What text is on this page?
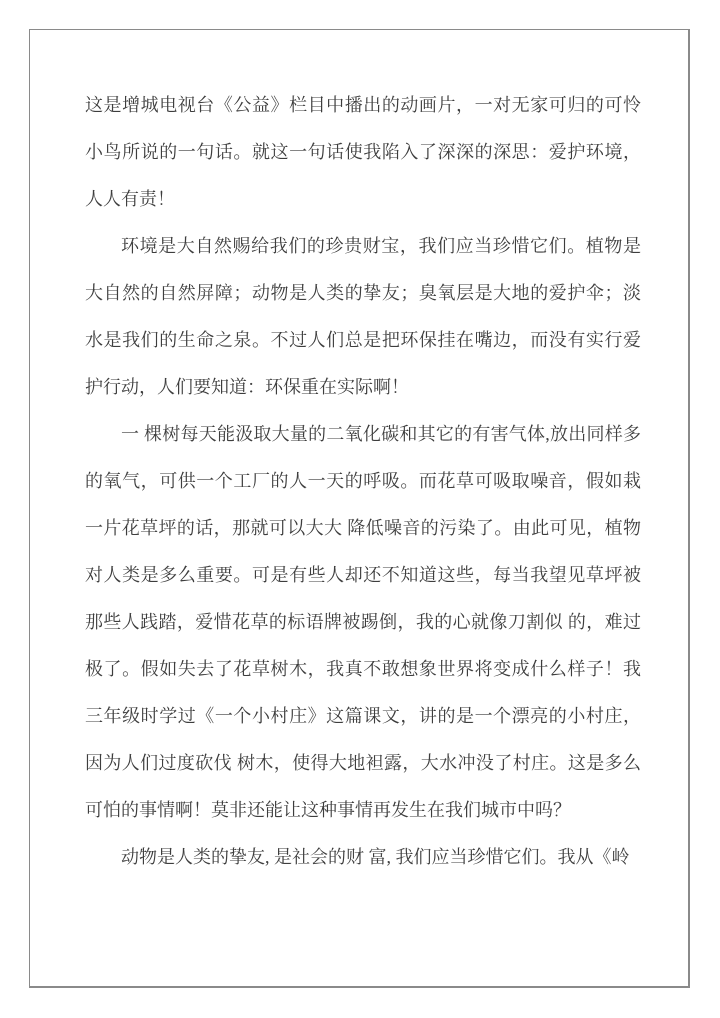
这是增城电视台《公益》栏目中播出的动画片，一对无家可归的可怜小鸟所说的一句话。就这一句话使我陷入了深深的深思：爱护环境，人人有责！

环境是大自然赐给我们的珍贵财宝，我们应当珍惜它们。植物是大自然的自然屏障；动物是人类的挚友；臭氧层是大地的爱护伞；淡水是我们的生命之泉。不过人们总是把环保挂在嘴边，而没有实行爱护行动，人们要知道：环保重在实际啊！

一 棵树每天能汲取大量的二氧化碳和其它的有害气体,放出同样多的氧气，可供一个工厂的人一天的呼吸。而花草可吸取噪音，假如栽一片花草坪的话，那就可以大大 降低噪音的污染了。由此可见，植物对人类是多么重要。可是有些人却还不知道这些，每当我望见草坪被那些人践踏，爱惜花草的标语牌被踢倒，我的心就像刀割似 的，难过极了。假如失去了花草树木，我真不敢想象世界将变成什么样子！我三年级时学过《一个小村庄》这篇课文，讲的是一个漂亮的小村庄，因为人们过度砍伐 树木，使得大地袒露，大水冲没了村庄。这是多么可怕的事情啊！莫非还能让这种事情再发生在我们城市中吗？

动物是人类的挚友, 是社会的财 富, 我们应当珍惜它们。我从《岭
